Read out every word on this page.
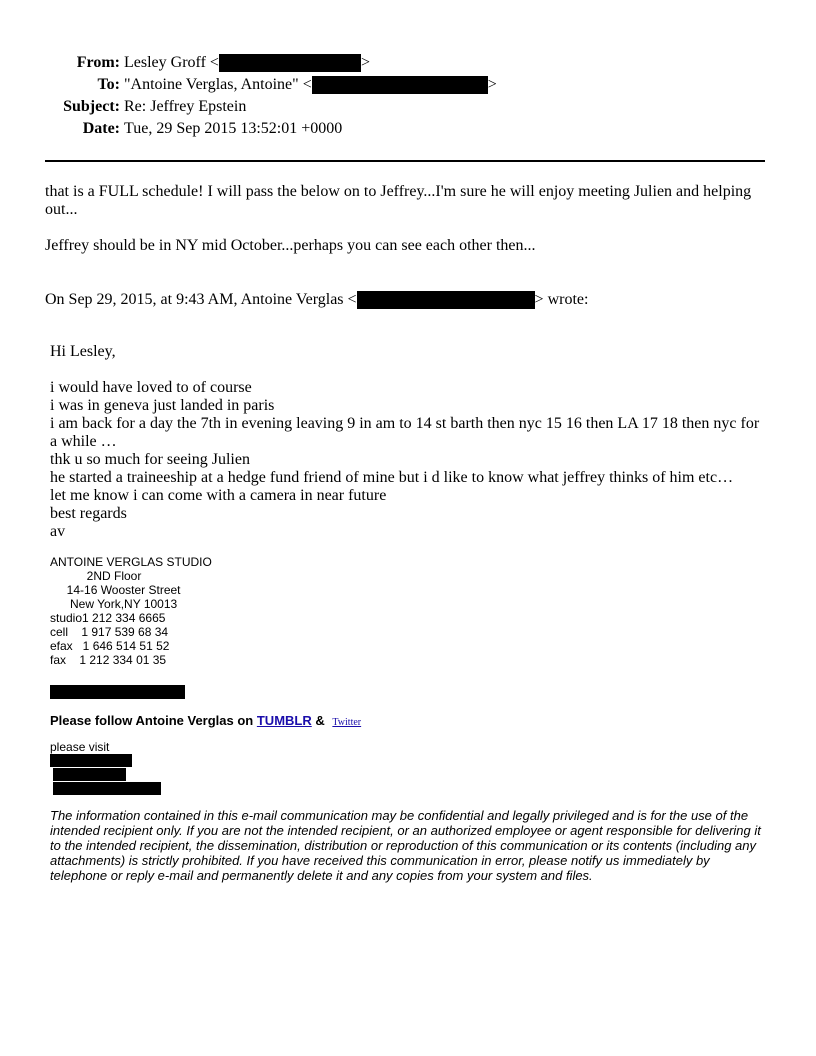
From: Lesley Groff <	>
To: "Antoine Verglas, Antoine" <	>
Subject: Re: Jeffrey Epstein
Date: Tue, 29 Sep 2015 13:52:01 +0000
that is a FULL schedule! I will pass the below on to Jeffrey...I'm sure he will enjoy meeting Julien and helping out...
Jeffrey should be in NY mid October...perhaps you can see each other then...
On Sep 29, 2015, at 9:43 AM, Antoine Verglas <	> wrote:
Hi Lesley,
i would have loved to of course
i was in geneva just landed in paris
i am back for a day the 7th in evening leaving 9 in am to 14 st barth then nyc 15 16 then LA 17 18 then nyc for a while …
thk u so much for seeing Julien
he started a traineeship at a hedge fund friend of mine but i d like to know what jeffrey thinks of him etc…
let me know i can come with a camera in near future
best regards
av
ANTOINE VERGLAS STUDIO
2ND Floor
14-16 Wooster Street
New York,NY 10013
studio1 212 334 6665
cell    1 917 539 68 34
efax   1 646 514 51 52
fax    1 212 334 01 35
Please follow Antoine Verglas on TUMBLR & Twitter
please visit
The information contained in this e-mail communication may be confidential and legally privileged and is for the use of the intended recipient only. If you are not the intended recipient, or an authorized employee or agent responsible for delivering it to the intended recipient, the dissemination, distribution or reproduction of this communication or its contents (including any attachments) is strictly prohibited. If you have received this communication in error, please notify us immediately by telephone or reply e-mail and permanently delete it and any copies from your system and files.
